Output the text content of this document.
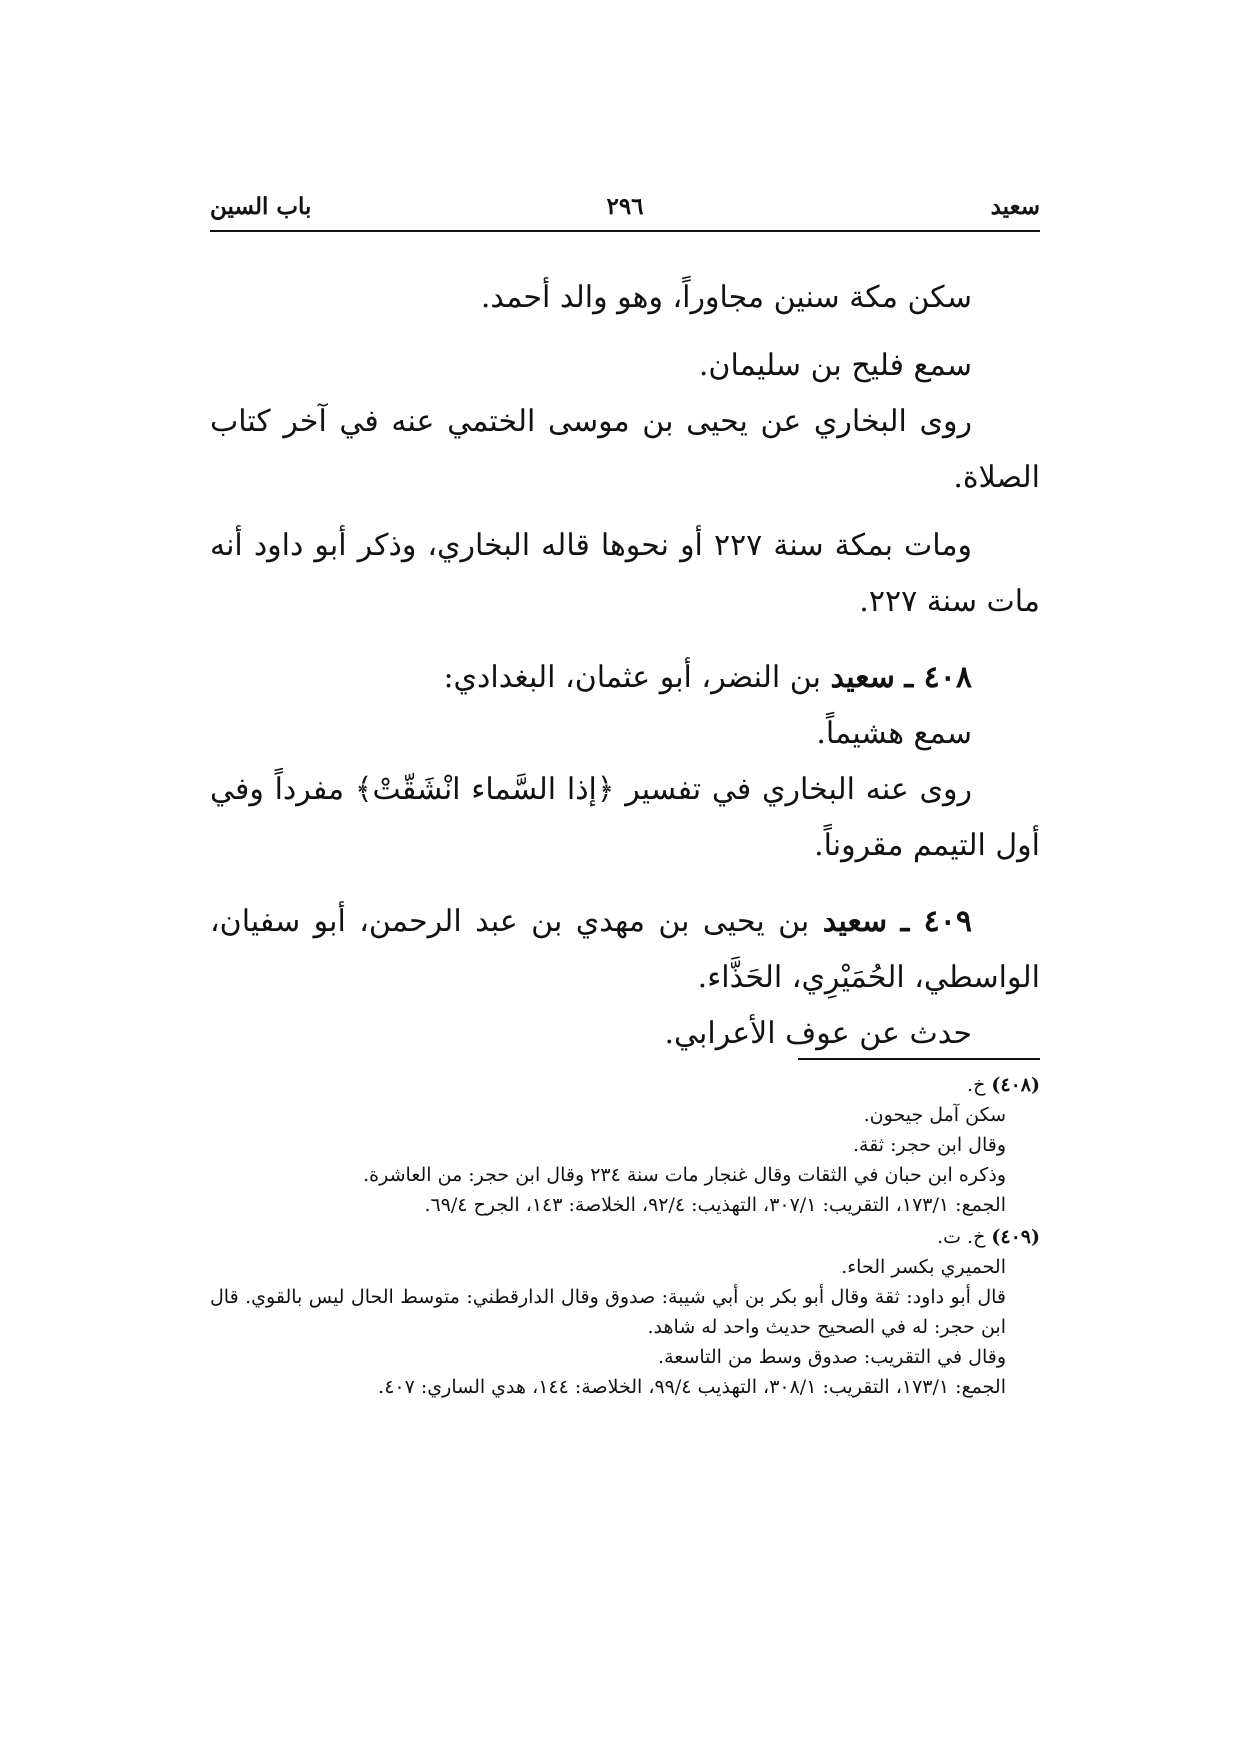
سعيد
٢٩٦
باب السين

سكن مكة سنين مجاوراً، وهو والد أحمد.

سمع فليح بن سليمان.

روى البخاري عن يحيى بن موسى الختمي عنه في آخر كتاب الصلاة.

ومات بمكة سنة ٢٢٧ أو نحوها قاله البخاري، وذكر أبو داود أنه مات سنة ٢٢٧.

٤٠٨ ـ سعيد بن النضر، أبو عثمان، البغدادي:

سمع هشيماً.

روى عنه البخاري في تفسير ﴿إذا السَّماء انْشَقّتْ﴾ مفرداً وفي أول التيمم مقروناً.

٤٠٩ ـ سعيد بن يحيى بن مهدي بن عبد الرحمن، أبو سفيان، الواسطي، الحُمَيْرِي، الحَذَّاء.

حدث عن عوف الأعرابي.

(٤٠٨) خ.

سكن آمل جيحون.

وقال ابن حجر: ثقة.

وذكره ابن حبان في الثقات وقال غنجار مات سنة ٢٣٤ وقال ابن حجر: من العاشرة.

الجمع: ١٧٣/١، التقريب: ٣٠٧/١، التهذيب: ٩٢/٤، الخلاصة: ١٤٣، الجرح ٦٩/٤.

(٤٠٩) خ. ت.

الحميري بكسر الحاء.

قال أبو داود: ثقة وقال أبو بكر بن أبي شيبة: صدوق وقال الدارقطني: متوسط الحال ليس بالقوي. قال ابن حجر: له في الصحيح حديث واحد له شاهد.

وقال في التقريب: صدوق وسط من التاسعة.

الجمع: ١٧٣/١، التقريب: ٣٠٨/١، التهذيب ٩٩/٤، الخلاصة: ١٤٤، هدي الساري: ٤٠٧.
